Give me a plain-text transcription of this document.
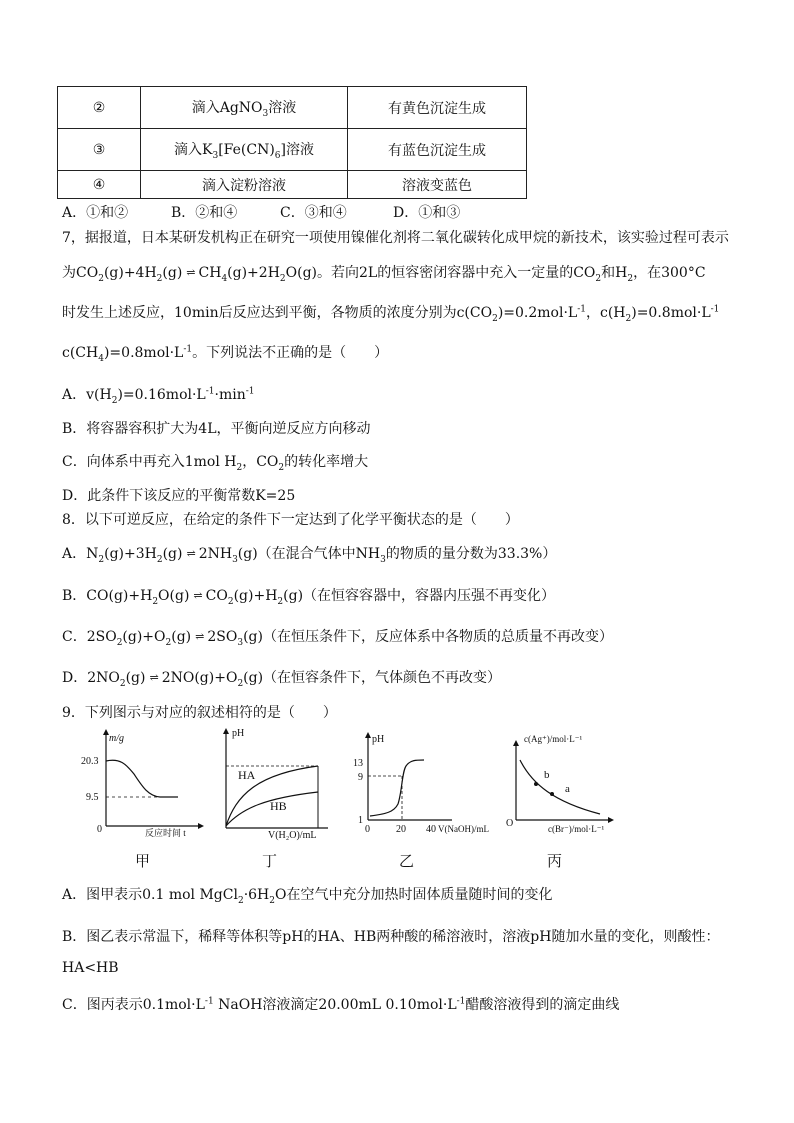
②	滴入AgNO$_3$溶液	有黄色沉淀生成
③	滴入$K_3[Fe(CN)_6]$溶液	有蓝色沉淀生成
④	滴入淀粉溶液	溶液变蓝色
A．①和②	B．②和④	C．③和④	D．①和③
7，据报道，日本某研发机构正在研究一项使用镍催化剂将二氧化碳转化成甲烷的新技术，该实验过程可表示
为$CO_2(g)+4H_2(g)$ ⇌ $CH_4(g)+2H_2O(g)$。若向2L的恒容密闭容器中充入一定量的$CO_2$和$H_2$，在300°C
时发生上述反应，10min后反应达到平衡，各物质的浓度分别为$c(CO_2)=0.2mol\cdot L^{-1}$，$c(H_2)=0.8mol\cdot L^{-1}$
$c(CH_4)=0.8mol\cdot L^{-1}$。下列说法不正确的是（　　）
A．$v(H_2)=0.16mol\cdot L^{-1}\cdot\min^{-1}$
B．将容器容积扩大为4L，平衡向逆反应方向移动
C．向体系中再充入1mol $H_2$，$CO_2$的转化率增大
D．此条件下该反应的平衡常数K=25
8．以下可逆反应，在给定的条件下一定达到了化学平衡状态的是（　　）
A．$N_2(g)+3H_2(g)$ ⇌ $2NH_3(g)$（在混合气体中$NH_3$的物质的量分数为33.3%）
B．$CO(g)+H_2O(g)$ ⇌ $CO_2(g)+H_2(g)$（在恒容容器中，容器内压强不再变化）
C．$2SO_2(g)+O_2(g)$ ⇌ $2SO_3(g)$（在恒压条件下，反应体系中各物质的总质量不再改变）
D．$2NO_2(g)$ ⇌ $2NO(g)+O_2(g)$（在恒容条件下，气体颜色不再改变）
9．下列图示与对应的叙述相符的是（　　）
m/g
20.3
9.5
0	反应时间 t
pH
HA
HB
V(H₂O)/mL
pH
13
9
1
0	20 40 V(NaOH)/mL
c(Ag⁺)/mol·L⁻¹
b
a
O	c(Br⁻)/mol·L⁻¹
甲	丁	乙	丙
A．图甲表示0.1 mol $MgCl_2\cdot 6H_2O$在空气中充分加热时固体质量随时间的变化
B．图乙表示常温下，稀释等体积等pH的HA、HB两种酸的稀溶液时，溶液pH随加水量的变化，则酸性：
HA<HB
C．图丙表示$0.1mol\cdot L^{-1}$ NaOH溶液滴定20.00mL $0.10mol\cdot L^{-1}$醋酸溶液得到的滴定曲线
